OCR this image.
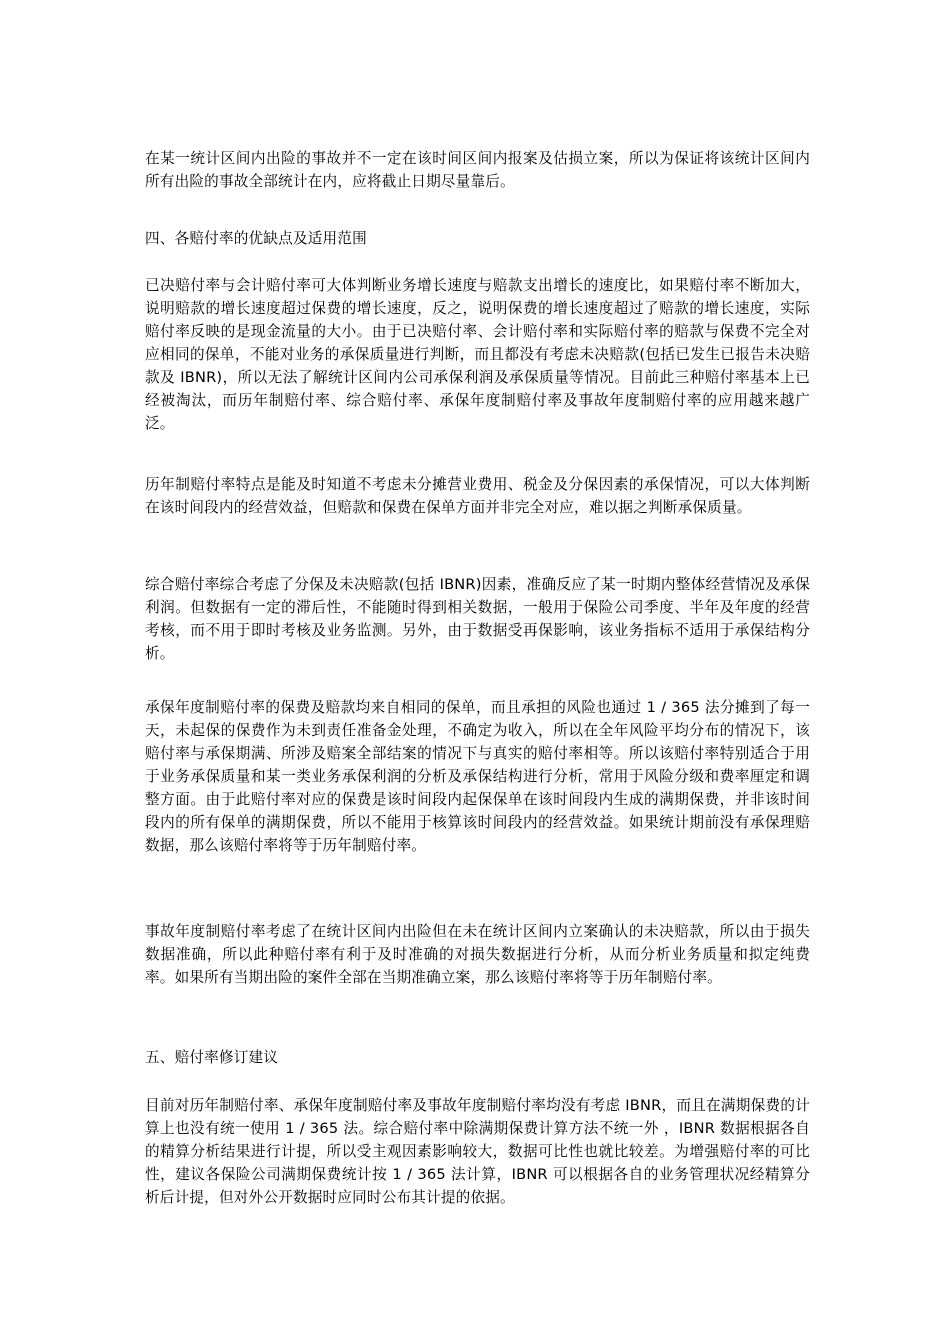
在某一统计区间内出险的事故并不一定在该时间区间内报案及估损立案，所以为保证将该统计区间内所有出险的事故全部统计在内，应将截止日期尽量靠后。

四、各赔付率的优缺点及适用范围

已决赔付率与会计赔付率可大体判断业务增长速度与赔款支出增长的速度比，如果赔付率不断加大，说明赔款的增长速度超过保费的增长速度，反之，说明保费的增长速度超过了赔款的增长速度，实际赔付率反映的是现金流量的大小。由于已决赔付率、会计赔付率和实际赔付率的赔款与保费不完全对应相同的保单，不能对业务的承保质量进行判断，而且都没有考虑未决赔款(包括已发生已报告未决赔款及 IBNR)，所以无法了解统计区间内公司承保利润及承保质量等情况。目前此三种赔付率基本上已经被淘汰，而历年制赔付率、综合赔付率、承保年度制赔付率及事故年度制赔付率的应用越来越广泛。

历年制赔付率特点是能及时知道不考虑未分摊营业费用、税金及分保因素的承保情况，可以大体判断在该时间段内的经营效益，但赔款和保费在保单方面并非完全对应，难以据之判断承保质量。

综合赔付率综合考虑了分保及未决赔款(包括 IBNR)因素，准确反应了某一时期内整体经营情况及承保利润。但数据有一定的滞后性，不能随时得到相关数据，一般用于保险公司季度、半年及年度的经营考核，而不用于即时考核及业务监测。另外，由于数据受再保影响，该业务指标不适用于承保结构分析。

承保年度制赔付率的保费及赔款均来自相同的保单，而且承担的风险也通过 1 / 365 法分摊到了每一天，未起保的保费作为未到责任准备金处理，不确定为收入，所以在全年风险平均分布的情况下，该赔付率与承保期满、所涉及赔案全部结案的情况下与真实的赔付率相等。所以该赔付率特别适合于用于业务承保质量和某一类业务承保利润的分析及承保结构进行分析，常用于风险分级和费率厘定和调整方面。由于此赔付率对应的保费是该时间段内起保保单在该时间段内生成的满期保费，并非该时间段内的所有保单的满期保费，所以不能用于核算该时间段内的经营效益。如果统计期前没有承保理赔数据，那么该赔付率将等于历年制赔付率。

事故年度制赔付率考虑了在统计区间内出险但在未在统计区间内立案确认的未决赔款，所以由于损失数据准确，所以此种赔付率有利于及时准确的对损失数据进行分析，从而分析业务质量和拟定纯费率。如果所有当期出险的案件全部在当期准确立案，那么该赔付率将等于历年制赔付率。

五、赔付率修订建议

目前对历年制赔付率、承保年度制赔付率及事故年度制赔付率均没有考虑 IBNR，而且在满期保费的计算上也没有统一使用 1 / 365 法。综合赔付率中除满期保费计算方法不统一外 ，IBNR 数据根据各自的精算分析结果进行计提，所以受主观因素影响较大，数据可比性也就比较差。为增强赔付率的可比性，建议各保险公司满期保费统计按 1 / 365 法计算，IBNR 可以根据各自的业务管理状况经精算分析后计提，但对外公开数据时应同时公布其计提的依据。
